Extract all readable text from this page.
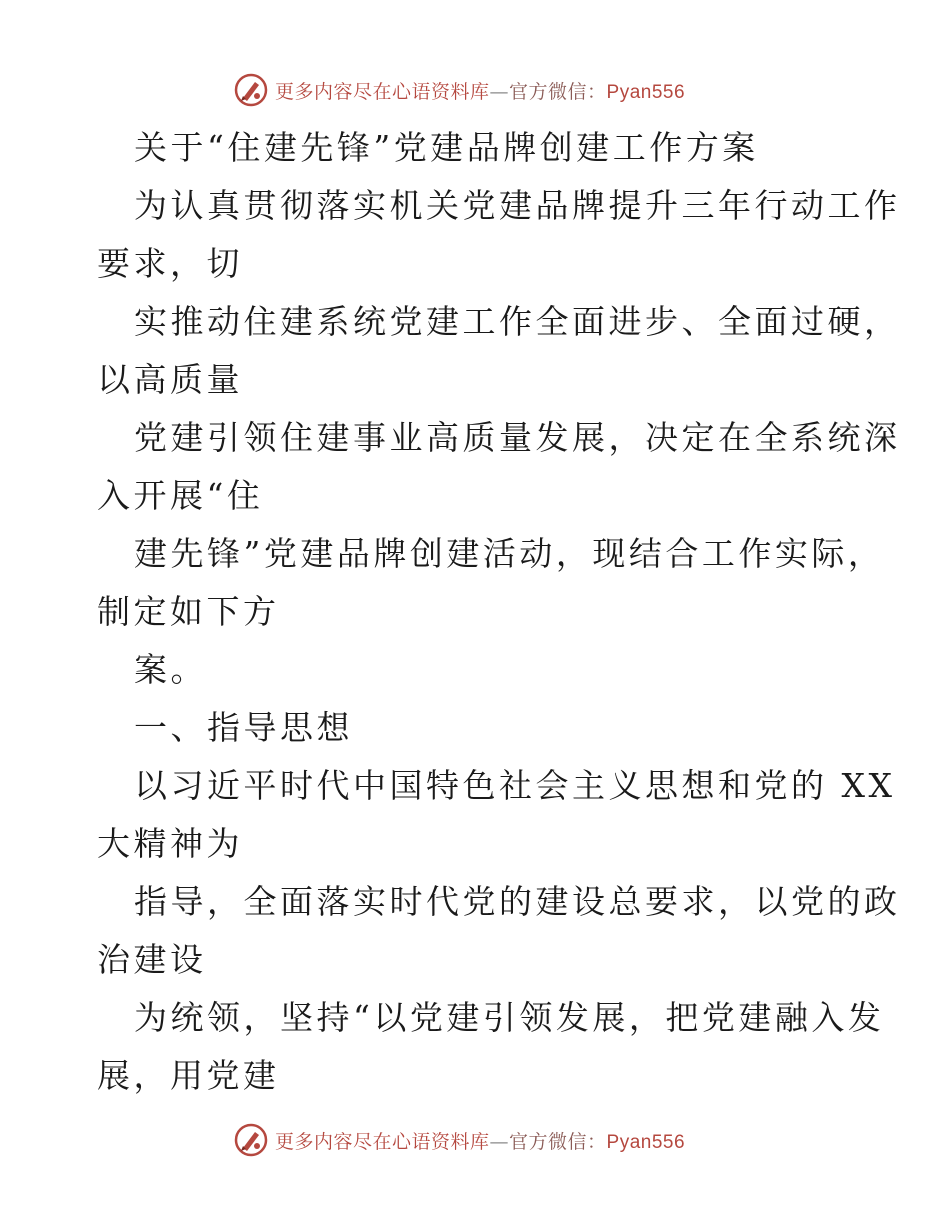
更多内容尽在心语资料库—官方微信：Pyan556
关于“住建先锋”党建品牌创建工作方案
为认真贯彻落实机关党建品牌提升三年行动工作
要求，切
实推动住建系统党建工作全面进步、全面过硬，
以高质量
党建引领住建事业高质量发展，决定在全系统深
入开展“住
建先锋”党建品牌创建活动，现结合工作实际，
制定如下方
案。
一、指导思想
以习近平时代中国特色社会主义思想和党的 XX
大精神为
指导，全面落实时代党的建设总要求，以党的政
治建设
为统领，坚持“以党建引领发展，把党建融入发
展，用党建
更多内容尽在心语资料库—官方微信：Pyan556
